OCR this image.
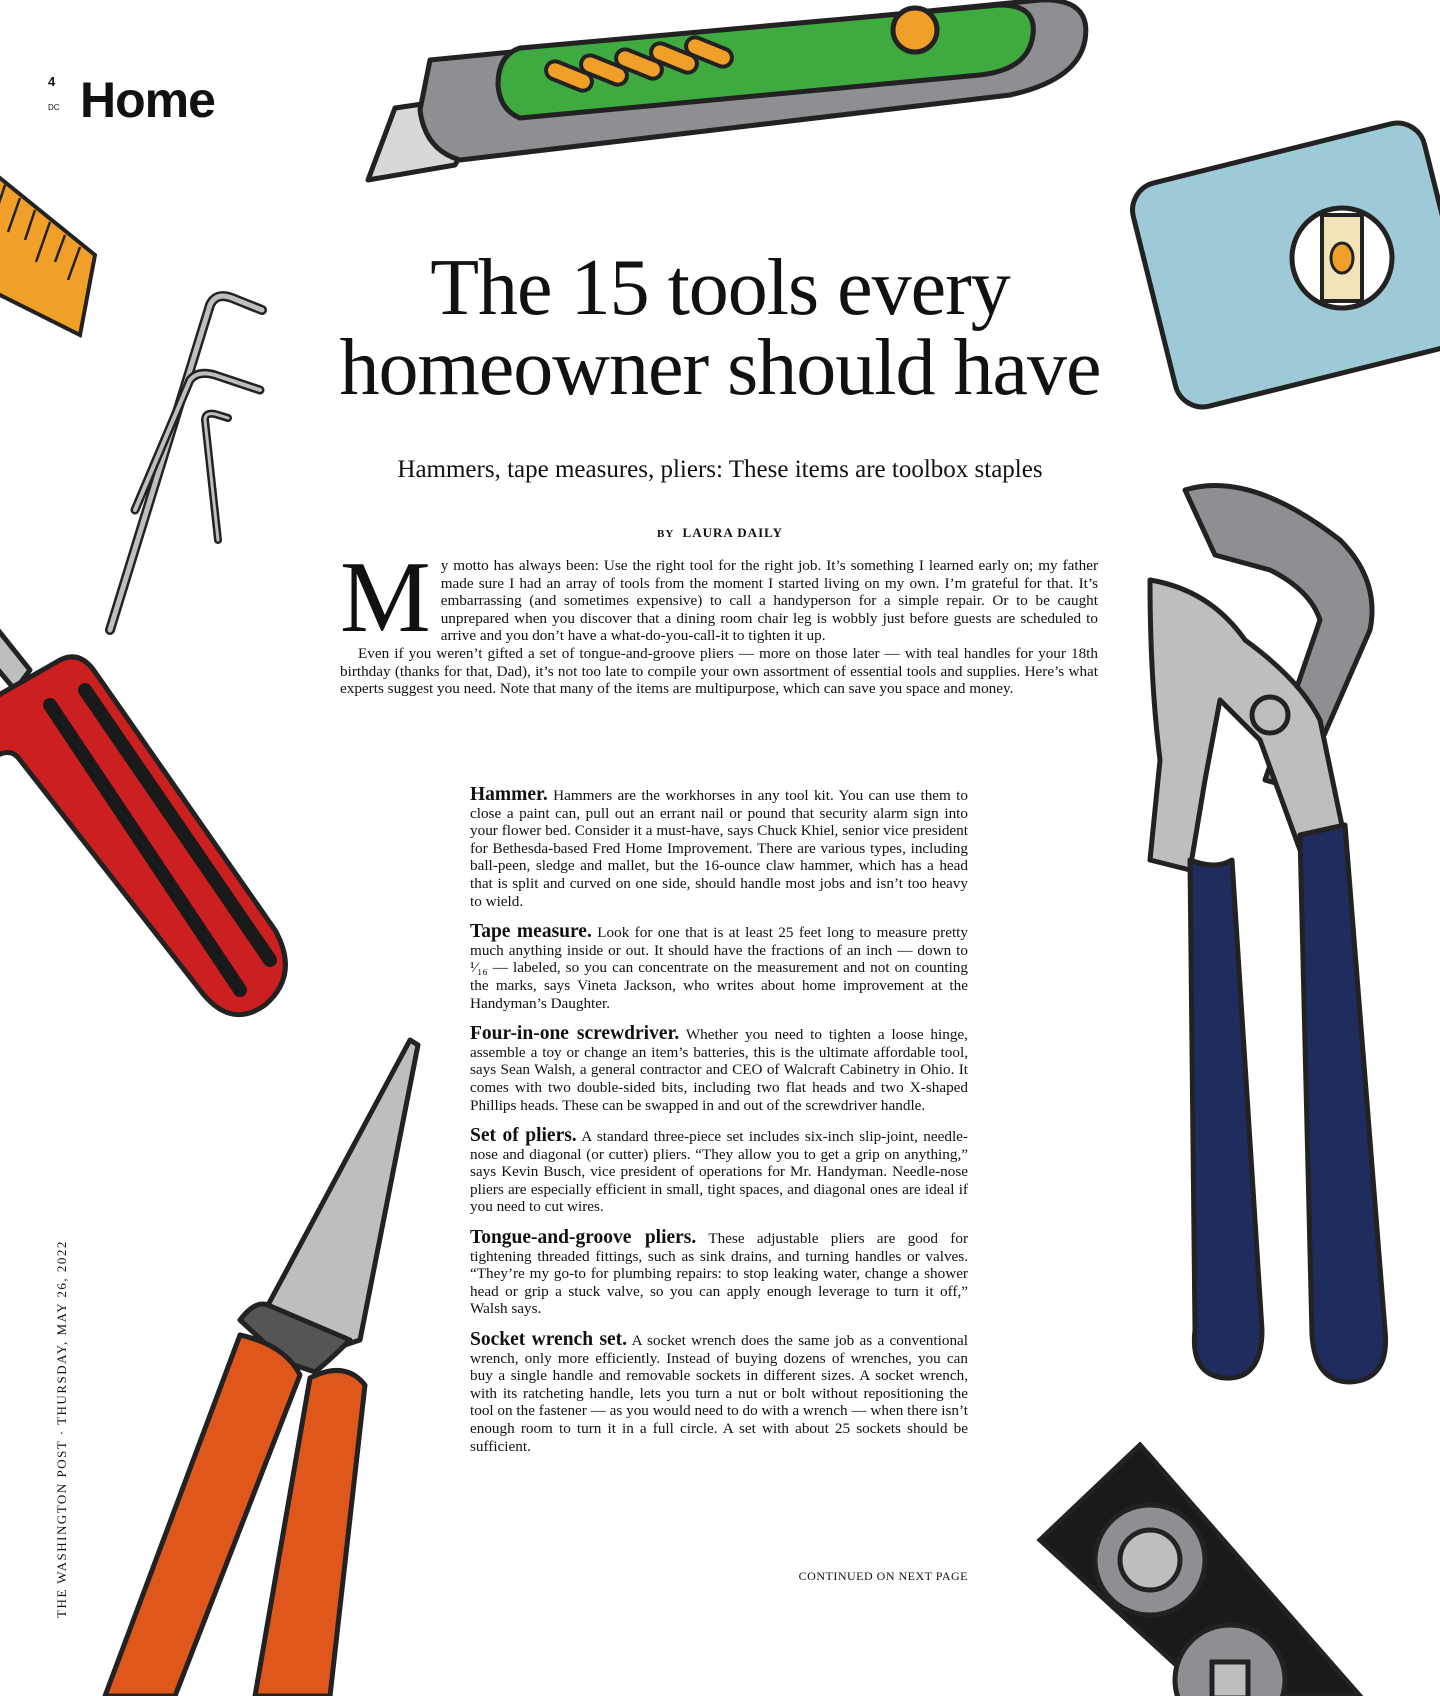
4
DC Home
The 15 tools every
homeowner should have
Hammers, tape measures, pliers: These items are toolbox staples
BY LAURA DAILY

My motto has always been: Use the right tool for the right job. It’s something I learned early on; my father made sure I had an array of tools from the moment I started living on my own. I’m grateful for that. It’s embarrassing (and sometimes expensive) to call a handyperson for a simple repair. Or to be caught unprepared when you discover that a dining room chair leg is wobbly just before guests are scheduled to arrive and you don’t have a what-do-you-call-it to tighten it up.

Even if you weren’t gifted a set of tongue-and-groove pliers — more on those later — with teal handles for your 18th birthday (thanks for that, Dad), it’s not too late to compile your own assortment of essential tools and supplies. Here’s what experts suggest you need. Note that many of the items are multipurpose, which can save you space and money.

Hammer. Hammers are the workhorses in any tool kit. You can use them to close a paint can, pull out an errant nail or pound that security alarm sign into your flower bed. Consider it a must-have, says Chuck Khiel, senior vice president for Bethesda-based Fred Home Improvement. There are various types, including ball-peen, sledge and mallet, but the 16-ounce claw hammer, which has a head that is split and curved on one side, should handle most jobs and isn’t too heavy to wield.

Tape measure. Look for one that is at least 25 feet long to measure pretty much anything inside or out. It should have the fractions of an inch — down to ¹⁄₁₆ — labeled, so you can concentrate on the measurement and not on counting the marks, says Vineta Jackson, who writes about home improvement at the Handyman’s Daughter.

Four-in-one screwdriver. Whether you need to tighten a loose hinge, assemble a toy or change an item’s batteries, this is the ultimate affordable tool, says Sean Walsh, a general contractor and CEO of Walcraft Cabinetry in Ohio. It comes with two double-sided bits, including two flat heads and two X-shaped Phillips heads. These can be swapped in and out of the screwdriver handle.

Set of pliers. A standard three-piece set includes six-inch slip-joint, needle-nose and diagonal (or cutter) pliers. “They allow you to get a grip on anything,” says Kevin Busch, vice president of operations for Mr. Handyman. Needle-nose pliers are especially efficient in small, tight spaces, and diagonal ones are ideal if you need to cut wires.

Tongue-and-groove pliers. These adjustable pliers are good for tightening threaded fittings, such as sink drains, and turning handles or valves. “They’re my go-to for plumbing repairs: to stop leaking water, change a shower head or grip a stuck valve, so you can apply enough leverage to turn it off,” Walsh says.

Socket wrench set. A socket wrench does the same job as a conventional wrench, only more efficiently. Instead of buying dozens of wrenches, you can buy a single handle and removable sockets in different sizes. A socket wrench, with its ratcheting handle, lets you turn a nut or bolt without repositioning the tool on the fastener — as you would need to do with a wrench — when there isn’t enough room to turn it in a full circle. A set with about 25 sockets should be sufficient.

CONTINUED ON NEXT PAGE
THE WASHINGTON POST · THURSDAY, MAY 26, 2022
